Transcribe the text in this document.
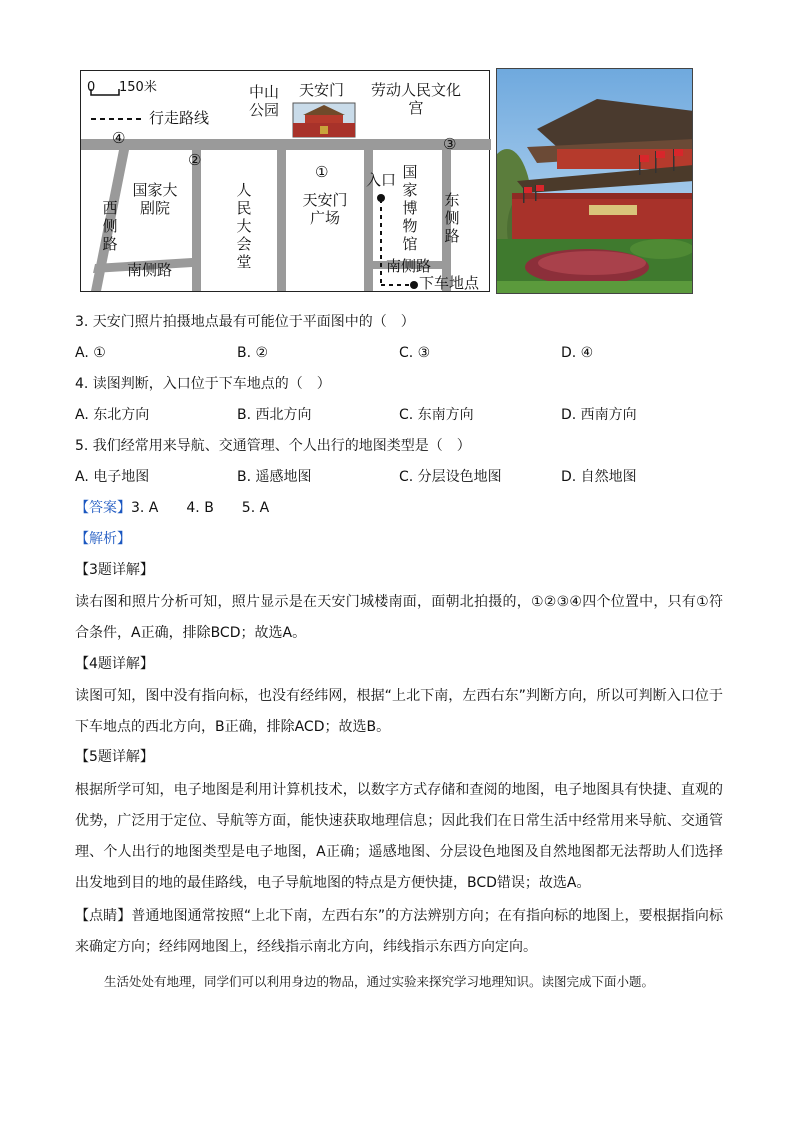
0 150米
行走路线
中山公园
天安门 劳动人民文化宫
④
②
①
③
国家大剧院
西侧路
人民大会堂
天安门广场
入口 国家博物馆
东侧路
南侧路	南侧路
下车地点
3. 天安门照片拍摄地点最有可能位于平面图中的（　）
A. ①	B. ②	C. ③	D. ④
4. 读图判断，入口位于下车地点的（　）
A. 东北方向	B. 西北方向	C. 东南方向	D. 西南方向
5. 我们经常用来导航、交通管理、个人出行的地图类型是（　）
A. 电子地图	B. 遥感地图	C. 分层设色地图	D. 自然地图
【答案】3. A　　4. B　　5. A
【解析】
【3题详解】
读右图和照片分析可知，照片显示是在天安门城楼南面，面朝北拍摄的，①②③④四个位置中，只有①符合条件，A正确，排除BCD；故选A。
【4题详解】
读图可知，图中没有指向标，也没有经纬网，根据“上北下南，左西右东”判断方向，所以可判断入口位于下车地点的西北方向，B正确，排除ACD；故选B。
【5题详解】
根据所学可知，电子地图是利用计算机技术，以数字方式存储和查阅的地图，电子地图具有快捷、直观的优势，广泛用于定位、导航等方面，能快速获取地理信息；因此我们在日常生活中经常用来导航、交通管理、个人出行的地图类型是电子地图，A正确；遥感地图、分层设色地图及自然地图都无法帮助人们选择出发地到目的地的最佳路线，电子导航地图的特点是方便快捷，BCD错误；故选A。
【点睛】普通地图通常按照“上北下南，左西右东”的方法辨别方向；在有指向标的地图上，要根据指向标来确定方向；经纬网地图上，经线指示南北方向，纬线指示东西方向定向。
生活处处有地理，同学们可以利用身边的物品，通过实验来探究学习地理知识。读图完成下面小题。
